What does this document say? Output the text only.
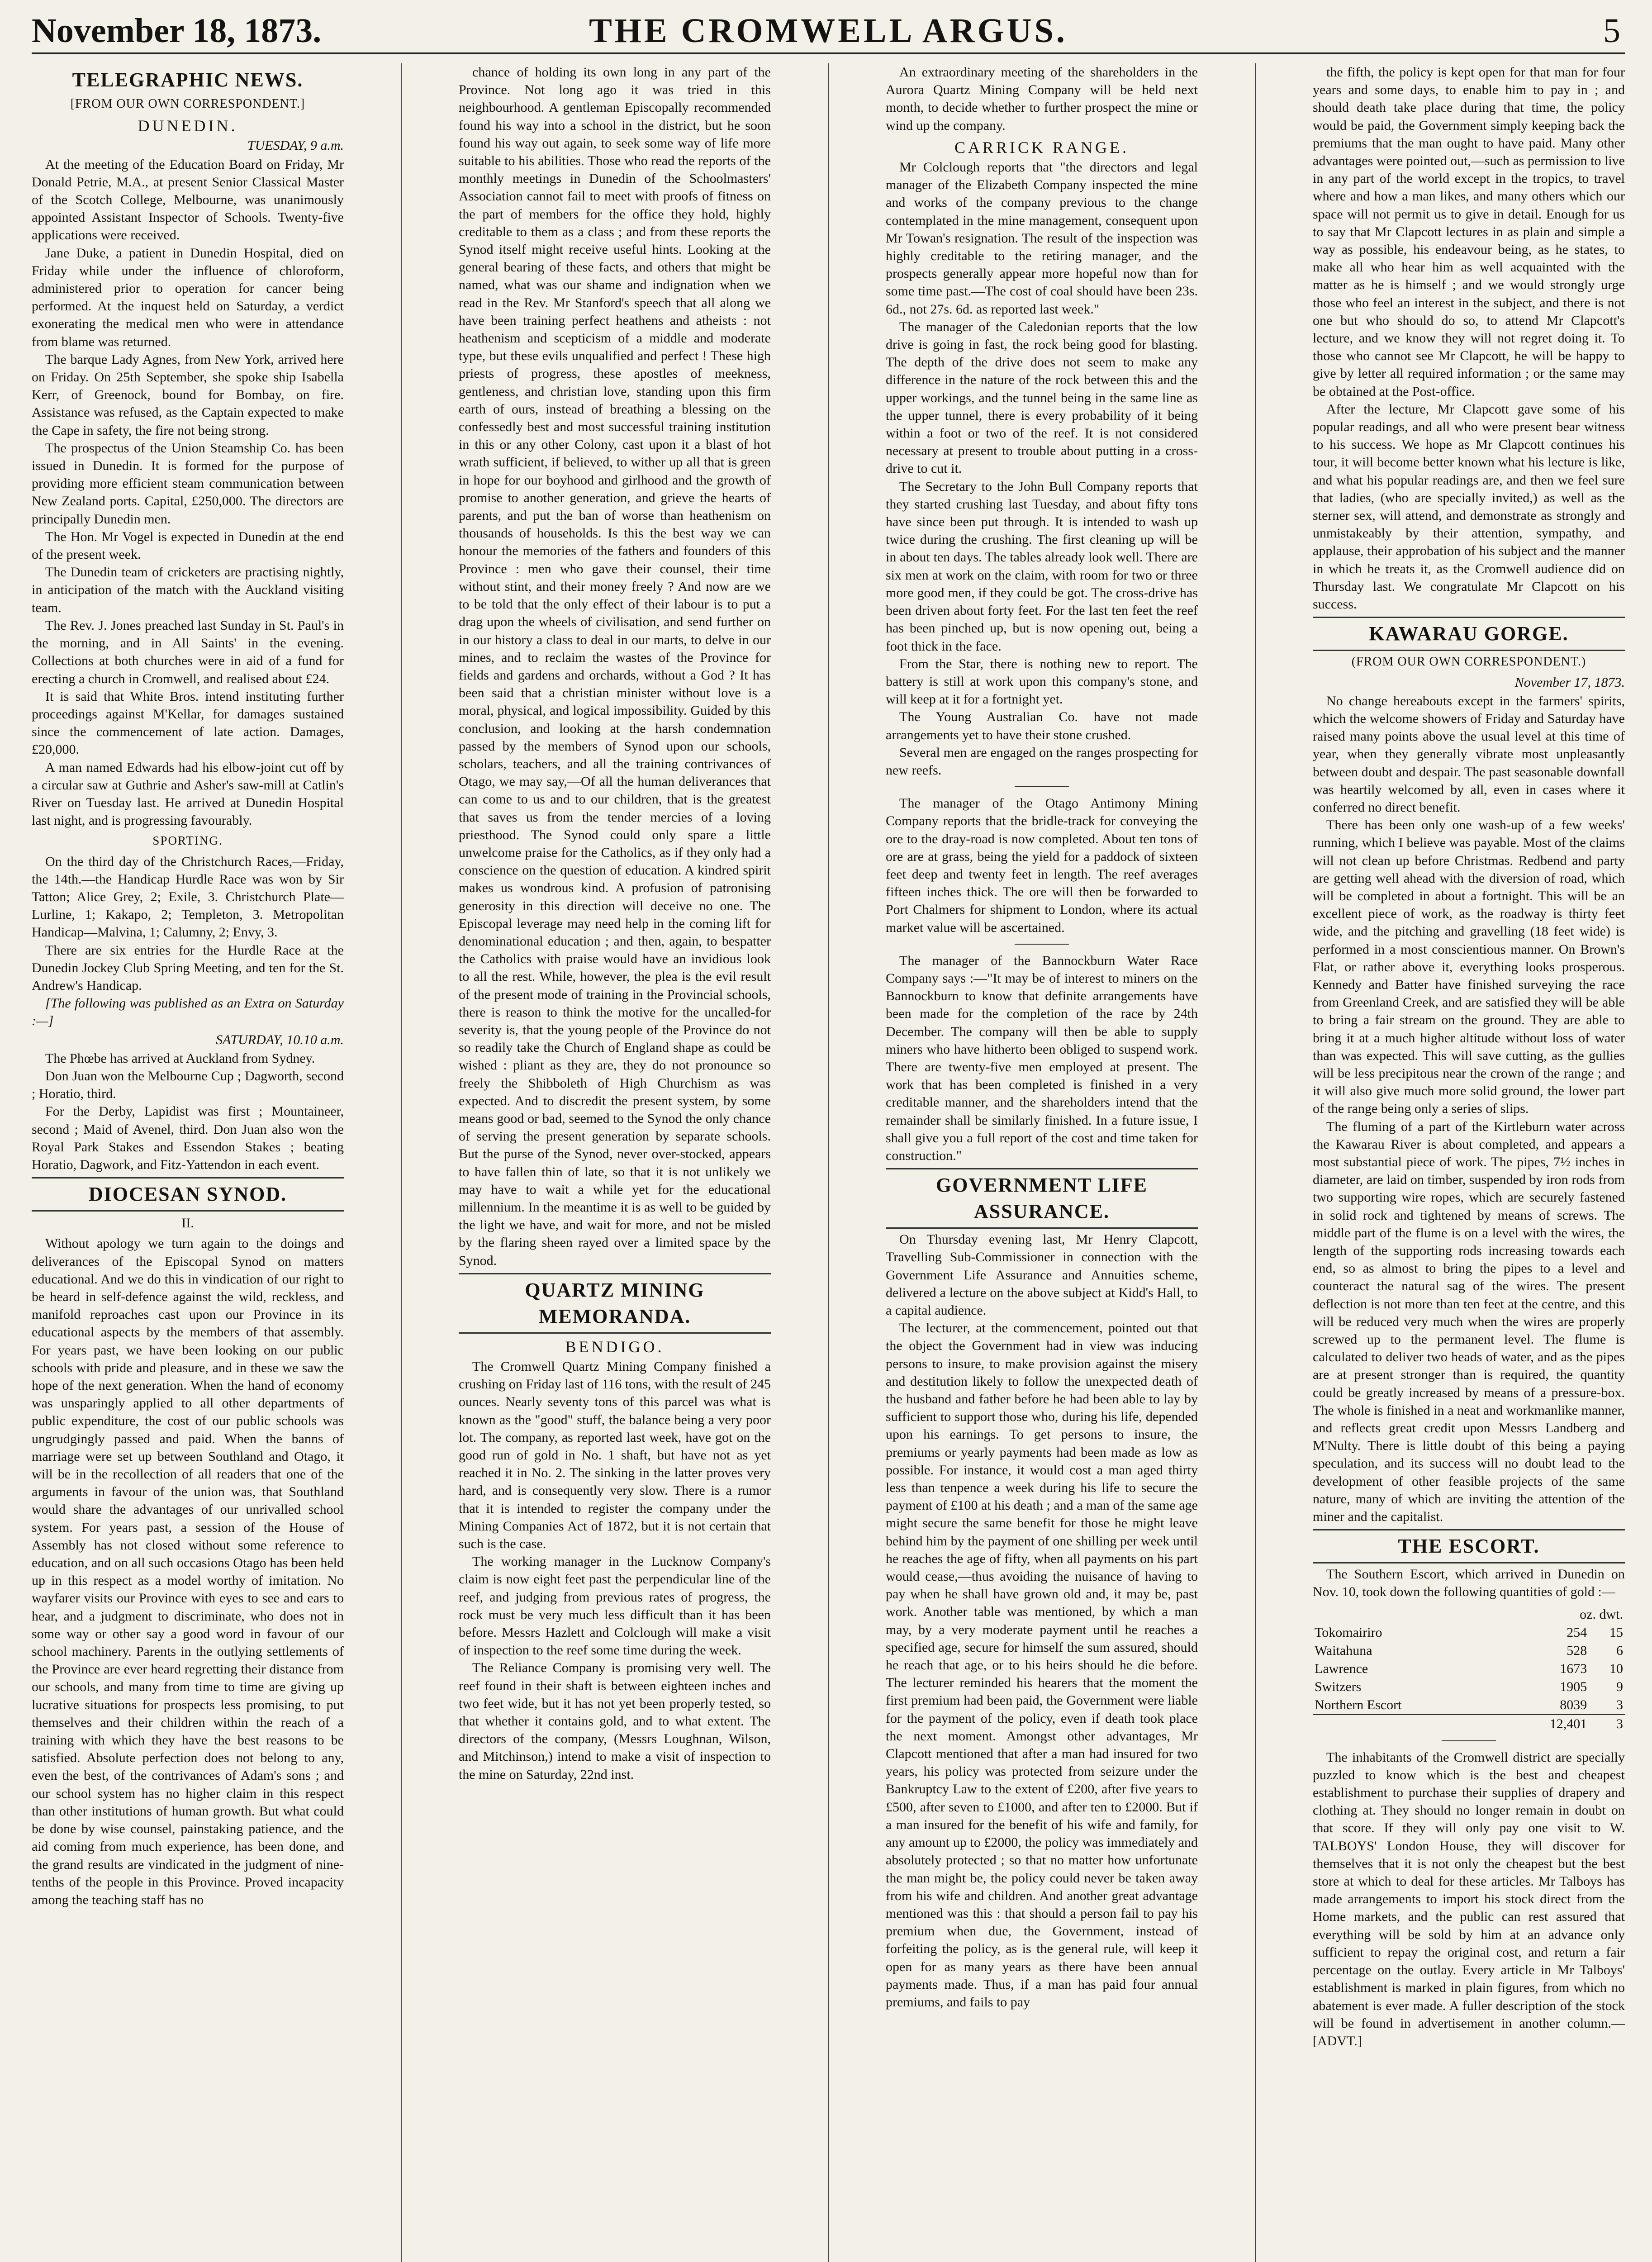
November 18, 1873.	THE CROMWELL ARGUS.	5
TELEGRAPHIC NEWS.
[FROM OUR OWN CORRESPONDENT.]
DUNEDIN.
TUESDAY, 9 a.m.

At the meeting of the Education Board on Friday, Mr Donald Petrie, M.A., at present Senior Classical Master of the Scotch College, Melbourne, was unanimously appointed Assistant Inspector of Schools. Twenty-five applications were received.

Jane Duke, a patient in Dunedin Hospital, died on Friday while under the influence of chloroform, administered prior to operation for cancer being performed. At the inquest held on Saturday, a verdict exonerating the medical men who were in attendance from blame was returned.

The barque Lady Agnes, from New York, arrived here on Friday. On 25th September, she spoke ship Isabella Kerr, of Greenock, bound for Bombay, on fire. Assistance was refused, as the Captain expected to make the Cape in safety, the fire not being strong.

The prospectus of the Union Steamship Co. has been issued in Dunedin. It is formed for the purpose of providing more efficient steam communication between New Zealand ports. Capital, £250,000. The directors are principally Dunedin men.

The Hon. Mr Vogel is expected in Dunedin at the end of the present week.

The Dunedin team of cricketers are practising nightly, in anticipation of the match with the Auckland visiting team.

The Rev. J. Jones preached last Sunday in St. Paul's in the morning, and in All Saints' in the evening. Collections at both churches were in aid of a fund for erecting a church in Cromwell, and realised about £24.

It is said that White Bros. intend instituting further proceedings against M'Kellar, for damages sustained since the commencement of late action. Damages, £20,000.

A man named Edwards had his elbow-joint cut off by a circular saw at Guthrie and Asher's saw-mill at Catlin's River on Tuesday last. He arrived at Dunedin Hospital last night, and is progressing favourably.

SPORTING.

On the third day of the Christchurch Races,—Friday, the 14th.—the Handicap Hurdle Race was won by Sir Tatton; Alice Grey, 2; Exile, 3. Christchurch Plate—Lurline, 1; Kakapo, 2; Templeton, 3. Metropolitan Handicap—Malvina, 1; Calumny, 2; Envy, 3.

There are six entries for the Hurdle Race at the Dunedin Jockey Club Spring Meeting, and ten for the St. Andrew's Handicap.

[The following was published as an Extra on Saturday :—]

SATURDAY, 10.10 a.m.

The Phœbe has arrived at Auckland from Sydney.

Don Juan won the Melbourne Cup ; Dagworth, second ; Horatio, third.

For the Derby, Lapidist was first ; Mountaineer, second ; Maid of Avenel, third. Don Juan also won the Royal Park Stakes and Essendon Stakes ; beating Horatio, Dagwork, and Fitz-Yattendon in each event.

DIOCESAN SYNOD.
II.

Without apology we turn again to the doings and deliverances of the Episcopal Synod on matters educational. And we do this in vindication of our right to be heard in self-defence against the wild, reckless, and manifold reproaches cast upon our Province in its educational aspects by the members of that assembly. For years past, we have been looking on our public schools with pride and pleasure, and in these we saw the hope of the next generation. When the hand of economy was unsparingly applied to all other departments of public expenditure, the cost of our public schools was ungrudgingly passed and paid. When the banns of marriage were set up between Southland and Otago, it will be in the recollection of all readers that one of the arguments in favour of the union was, that Southland would share the advantages of our unrivalled school system. For years past, a session of the House of Assembly has not closed without some reference to education, and on all such occasions Otago has been held up in this respect as a model worthy of imitation. No wayfarer visits our Province with eyes to see and ears to hear, and a judgment to discriminate, who does not in some way or other say a good word in favour of our school machinery. Parents in the outlying settlements of the Province are ever heard regretting their distance from our schools, and many from time to time are giving up lucrative situations for prospects less promising, to put themselves and their children within the reach of a training with which they have the best reasons to be satisfied. Absolute perfection does not belong to any, even the best, of the contrivances of Adam's sons ; and our school system has no higher claim in this respect than other institutions of human growth. But what could be done by wise counsel, painstaking patience, and the aid coming from much experience, has been done, and the grand results are vindicated in the judgment of nine-tenths of the people in this Province. Proved incapacity among the teaching staff has no

chance of holding its own long in any part of the Province. Not long ago it was tried in this neighbourhood. A gentleman Episcopally recommended found his way into a school in the district, but he soon found his way out again, to seek some way of life more suitable to his abilities. Those who read the reports of the monthly meetings in Dunedin of the Schoolmasters' Association cannot fail to meet with proofs of fitness on the part of members for the office they hold, highly creditable to them as a class ; and from these reports the Synod itself might receive useful hints. Looking at the general bearing of these facts, and others that might be named, what was our shame and indignation when we read in the Rev. Mr Stanford's speech that all along we have been training perfect heathens and atheists : not heathenism and scepticism of a middle and moderate type, but these evils unqualified and perfect ! These high priests of progress, these apostles of meekness, gentleness, and christian love, standing upon this firm earth of ours, instead of breathing a blessing on the confessedly best and most successful training institution in this or any other Colony, cast upon it a blast of hot wrath sufficient, if believed, to wither up all that is green in hope for our boyhood and girlhood and the growth of promise to another generation, and grieve the hearts of parents, and put the ban of worse than heathenism on thousands of households. Is this the best way we can honour the memories of the fathers and founders of this Province : men who gave their counsel, their time without stint, and their money freely ? And now are we to be told that the only effect of their labour is to put a drag upon the wheels of civilisation, and send further on in our history a class to deal in our marts, to delve in our mines, and to reclaim the wastes of the Province for fields and gardens and orchards, without a God ? It has been said that a christian minister without love is a moral, physical, and logical impossibility. Guided by this conclusion, and looking at the harsh condemnation passed by the members of Synod upon our schools, scholars, teachers, and all the training contrivances of Otago, we may say,—Of all the human deliverances that can come to us and to our children, that is the greatest that saves us from the tender mercies of a loving priesthood. The Synod could only spare a little unwelcome praise for the Catholics, as if they only had a conscience on the question of education. A kindred spirit makes us wondrous kind. A profusion of patronising generosity in this direction will deceive no one. The Episcopal leverage may need help in the coming lift for denominational education ; and then, again, to bespatter the Catholics with praise would have an invidious look to all the rest. While, however, the plea is the evil result of the present mode of training in the Provincial schools, there is reason to think the motive for the uncalled-for severity is, that the young people of the Province do not so readily take the Church of England shape as could be wished : pliant as they are, they do not pronounce so freely the Shibboleth of High Churchism as was expected. And to discredit the present system, by some means good or bad, seemed to the Synod the only chance of serving the present generation by separate schools. But the purse of the Synod, never over-stocked, appears to have fallen thin of late, so that it is not unlikely we may have to wait a while yet for the educational millennium. In the meantime it is as well to be guided by the light we have, and wait for more, and not be misled by the flaring sheen rayed over a limited space by the Synod.

QUARTZ MINING MEMORANDA.
BENDIGO.

The Cromwell Quartz Mining Company finished a crushing on Friday last of 116 tons, with the result of 245 ounces. Nearly seventy tons of this parcel was what is known as the "good" stuff, the balance being a very poor lot. The company, as reported last week, have got on the good run of gold in No. 1 shaft, but have not as yet reached it in No. 2. The sinking in the latter proves very hard, and is consequently very slow. There is a rumor that it is intended to register the company under the Mining Companies Act of 1872, but it is not certain that such is the case.

The working manager in the Lucknow Company's claim is now eight feet past the perpendicular line of the reef, and judging from previous rates of progress, the rock must be very much less difficult than it has been before. Messrs Hazlett and Colclough will make a visit of inspection to the reef some time during the week.

The Reliance Company is promising very well. The reef found in their shaft is between eighteen inches and two feet wide, but it has not yet been properly tested, so that whether it contains gold, and to what extent. The directors of the company, (Messrs Loughnan, Wilson, and Mitchinson,) intend to make a visit of inspection to the mine on Saturday, 22nd inst.

An extraordinary meeting of the shareholders in the Aurora Quartz Mining Company will be held next month, to decide whether to further prospect the mine or wind up the company.

CARRICK RANGE.

Mr Colclough reports that "the directors and legal manager of the Elizabeth Company inspected the mine and works of the company previous to the change contemplated in the mine management, consequent upon Mr Towan's resignation. The result of the inspection was highly creditable to the retiring manager, and the prospects generally appear more hopeful now than for some time past.—The cost of coal should have been 23s. 6d., not 27s. 6d. as reported last week."

The manager of the Caledonian reports that the low drive is going in fast, the rock being good for blasting. The depth of the drive does not seem to make any difference in the nature of the rock between this and the upper workings, and the tunnel being in the same line as the upper tunnel, there is every probability of it being within a foot or two of the reef. It is not considered necessary at present to trouble about putting in a cross-drive to cut it.

The Secretary to the John Bull Company reports that they started crushing last Tuesday, and about fifty tons have since been put through. It is intended to wash up twice during the crushing. The first cleaning up will be in about ten days. The tables already look well. There are six men at work on the claim, with room for two or three more good men, if they could be got. The cross-drive has been driven about forty feet. For the last ten feet the reef has been pinched up, but is now opening out, being a foot thick in the face.

From the Star, there is nothing new to report. The battery is still at work upon this company's stone, and will keep at it for a fortnight yet.

The Young Australian Co. have not made arrangements yet to have their stone crushed.

Several men are engaged on the ranges prospecting for new reefs.

The manager of the Otago Antimony Mining Company reports that the bridle-track for conveying the ore to the dray-road is now completed. About ten tons of ore are at grass, being the yield for a paddock of sixteen feet deep and twenty feet in length. The reef averages fifteen inches thick. The ore will then be forwarded to Port Chalmers for shipment to London, where its actual market value will be ascertained.

The manager of the Bannockburn Water Race Company says :—"It may be of interest to miners on the Bannockburn to know that definite arrangements have been made for the completion of the race by 24th December. The company will then be able to supply miners who have hitherto been obliged to suspend work. There are twenty-five men employed at present. The work that has been completed is finished in a very creditable manner, and the shareholders intend that the remainder shall be similarly finished. In a future issue, I shall give you a full report of the cost and time taken for construction."

GOVERNMENT LIFE ASSURANCE.

On Thursday evening last, Mr Henry Clapcott, Travelling Sub-Commissioner in connection with the Government Life Assurance and Annuities scheme, delivered a lecture on the above subject at Kidd's Hall, to a capital audience.

The lecturer, at the commencement, pointed out that the object the Government had in view was inducing persons to insure, to make provision against the misery and destitution likely to follow the unexpected death of the husband and father before he had been able to lay by sufficient to support those who, during his life, depended upon his earnings. To get persons to insure, the premiums or yearly payments had been made as low as possible. For instance, it would cost a man aged thirty less than tenpence a week during his life to secure the payment of £100 at his death ; and a man of the same age might secure the same benefit for those he might leave behind him by the payment of one shilling per week until he reaches the age of fifty, when all payments on his part would cease,—thus avoiding the nuisance of having to pay when he shall have grown old and, it may be, past work. Another table was mentioned, by which a man may, by a very moderate payment until he reaches a specified age, secure for himself the sum assured, should he reach that age, or to his heirs should he die before. The lecturer reminded his hearers that the moment the first premium had been paid, the Government were liable for the payment of the policy, even if death took place the next moment. Amongst other advantages, Mr Clapcott mentioned that after a man had insured for two years, his policy was protected from seizure under the Bankruptcy Law to the extent of £200, after five years to £500, after seven to £1000, and after ten to £2000. But if a man insured for the benefit of his wife and family, for any amount up to £2000, the policy was immediately and absolutely protected ; so that no matter how unfortunate the man might be, the policy could never be taken away from his wife and children. And another great advantage mentioned was this : that should a person fail to pay his premium when due, the Government, instead of forfeiting the policy, as is the general rule, will keep it open for as many years as there have been annual payments made. Thus, if a man has paid four annual premiums, and fails to pay

the fifth, the policy is kept open for that man for four years and some days, to enable him to pay in ; and should death take place during that time, the policy would be paid, the Government simply keeping back the premiums that the man ought to have paid. Many other advantages were pointed out,—such as permission to live in any part of the world except in the tropics, to travel where and how a man likes, and many others which our space will not permit us to give in detail. Enough for us to say that Mr Clapcott lectures in as plain and simple a way as possible, his endeavour being, as he states, to make all who hear him as well acquainted with the matter as he is himself ; and we would strongly urge those who feel an interest in the subject, and there is not one but who should do so, to attend Mr Clapcott's lecture, and we know they will not regret doing it. To those who cannot see Mr Clapcott, he will be happy to give by letter all required information ; or the same may be obtained at the Post-office.

After the lecture, Mr Clapcott gave some of his popular readings, and all who were present bear witness to his success. We hope as Mr Clapcott continues his tour, it will become better known what his lecture is like, and what his popular readings are, and then we feel sure that ladies, (who are specially invited,) as well as the sterner sex, will attend, and demonstrate as strongly and unmistakeably by their attention, sympathy, and applause, their approbation of his subject and the manner in which he treats it, as the Cromwell audience did on Thursday last. We congratulate Mr Clapcott on his success.

KAWARAU GORGE.
(FROM OUR OWN CORRESPONDENT.)
November 17, 1873.

No change hereabouts except in the farmers' spirits, which the welcome showers of Friday and Saturday have raised many points above the usual level at this time of year, when they generally vibrate most unpleasantly between doubt and despair. The past seasonable downfall was heartily welcomed by all, even in cases where it conferred no direct benefit.

There has been only one wash-up of a few weeks' running, which I believe was payable. Most of the claims will not clean up before Christmas. Redbend and party are getting well ahead with the diversion of road, which will be completed in about a fortnight. This will be an excellent piece of work, as the roadway is thirty feet wide, and the pitching and gravelling (18 feet wide) is performed in a most conscientious manner. On Brown's Flat, or rather above it, everything looks prosperous. Kennedy and Batter have finished surveying the race from Greenland Creek, and are satisfied they will be able to bring a fair stream on the ground. They are able to bring it at a much higher altitude without loss of water than was expected. This will save cutting, as the gullies will be less precipitous near the crown of the range ; and it will also give much more solid ground, the lower part of the range being only a series of slips.

The fluming of a part of the Kirtleburn water across the Kawarau River is about completed, and appears a most substantial piece of work. The pipes, 7½ inches in diameter, are laid on timber, suspended by iron rods from two supporting wire ropes, which are securely fastened in solid rock and tightened by means of screws. The middle part of the flume is on a level with the wires, the length of the supporting rods increasing towards each end, so as almost to bring the pipes to a level and counteract the natural sag of the wires. The present deflection is not more than ten feet at the centre, and this will be reduced very much when the wires are properly screwed up to the permanent level. The flume is calculated to deliver two heads of water, and as the pipes are at present stronger than is required, the quantity could be greatly increased by means of a pressure-box. The whole is finished in a neat and workmanlike manner, and reflects great credit upon Messrs Landberg and M'Nulty. There is little doubt of this being a paying speculation, and its success will no doubt lead to the development of other feasible projects of the same nature, many of which are inviting the attention of the miner and the capitalist.

THE ESCORT.

The Southern Escort, which arrived in Dunedin on Nov. 10, took down the following quantities of gold :—

	oz. dwt.	
Tokomairiro	254	15
Waitahuna	528	6
Lawrence	1673	10
Switzers	1905	9
Northern Escort	8039	3
	12,401	3

The inhabitants of the Cromwell district are specially puzzled to know which is the best and cheapest establishment to purchase their supplies of drapery and clothing at. They should no longer remain in doubt on that score. If they will only pay one visit to W. TALBOYS' London House, they will discover for themselves that it is not only the cheapest but the best store at which to deal for these articles. Mr Talboys has made arrangements to import his stock direct from the Home markets, and the public can rest assured that everything will be sold by him at an advance only sufficient to repay the original cost, and return a fair percentage on the outlay. Every article in Mr Talboys' establishment is marked in plain figures, from which no abatement is ever made. A fuller description of the stock will be found in advertisement in another column.—[ADVT.]
